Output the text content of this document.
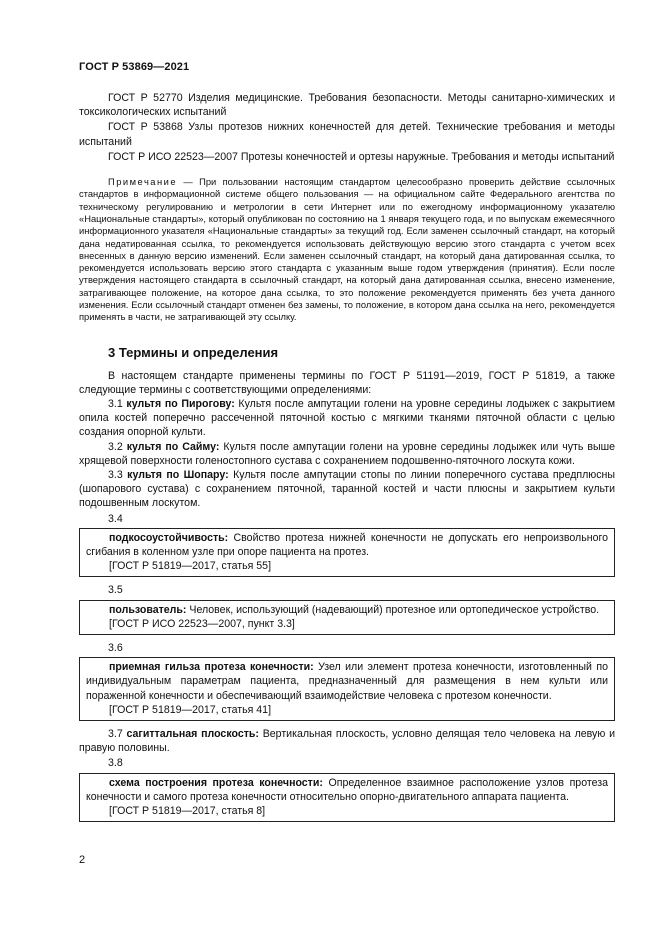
ГОСТ Р 53869—2021

ГОСТ Р 52770 Изделия медицинские. Требования безопасности. Методы санитарно-химических и токсикологических испытаний

ГОСТ Р 53868 Узлы протезов нижних конечностей для детей. Технические требования и методы испытаний

ГОСТ Р ИСО 22523—2007 Протезы конечностей и ортезы наружные. Требования и методы испытаний

Примечание — При пользовании настоящим стандартом целесообразно проверить действие ссылочных стандартов в информационной системе общего пользования — на официальном сайте Федерального агентства по техническому регулированию и метрологии в сети Интернет или по ежегодному информационному указателю «Национальные стандарты», который опубликован по состоянию на 1 января текущего года, и по выпускам ежемесячного информационного указателя «Национальные стандарты» за текущий год. Если заменен ссылочный стандарт, на который дана недатированная ссылка, то рекомендуется использовать действующую версию этого стандарта с учетом всех внесенных в данную версию изменений. Если заменен ссылочный стандарт, на который дана датированная ссылка, то рекомендуется использовать версию этого стандарта с указанным выше годом утверждения (принятия). Если после утверждения настоящего стандарта в ссылочный стандарт, на который дана датированная ссылка, внесено изменение, затрагивающее положение, на которое дана ссылка, то это положение рекомендуется применять без учета данного изменения. Если ссылочный стандарт отменен без замены, то положение, в котором дана ссылка на него, рекомендуется применять в части, не затрагивающей эту ссылку.

3 Термины и определения

В настоящем стандарте применены термины по ГОСТ Р 51191—2019, ГОСТ Р 51819, а также следующие термины с соответствующими определениями:

3.1 культя по Пирогову: Культя после ампутации голени на уровне середины лодыжек с закрытием опила костей поперечно рассеченной пяточной костью с мягкими тканями пяточной области с целью создания опорной культи.

3.2 культя по Сайму: Культя после ампутации голени на уровне середины лодыжек или чуть выше хрящевой поверхности голеностопного сустава с сохранением подошвенно-пяточного лоскута кожи.

3.3 культя по Шопару: Культя после ампутации стопы по линии поперечного сустава предплюсны (шопарового сустава) с сохранением пяточной, таранной костей и части плюсны и закрытием культи подошвенным лоскутом.

3.4

подкосоустойчивость: Свойство протеза нижней конечности не допускать его непроизвольного сгибания в коленном узле при опоре пациента на протез.

[ГОСТ Р 51819—2017, статья 55]
3.5

пользователь: Человек, использующий (надевающий) протезное или ортопедическое устройство.

[ГОСТ Р ИСО 22523—2007, пункт 3.3]
3.6

приемная гильза протеза конечности: Узел или элемент протеза конечности, изготовленный по индивидуальным параметрам пациента, предназначенный для размещения в нем культи или пораженной конечности и обеспечивающий взаимодействие человека с протезом конечности.

[ГОСТ Р 51819—2017, статья 41]

3.7 сагиттальная плоскость: Вертикальная плоскость, условно делящая тело человека на левую и правую половины.

3.8

схема построения протеза конечности: Определенное взаимное расположение узлов протеза конечности и самого протеза конечности относительно опорно-двигательного аппарата пациента.

[ГОСТ Р 51819—2017, статья 8]
2
